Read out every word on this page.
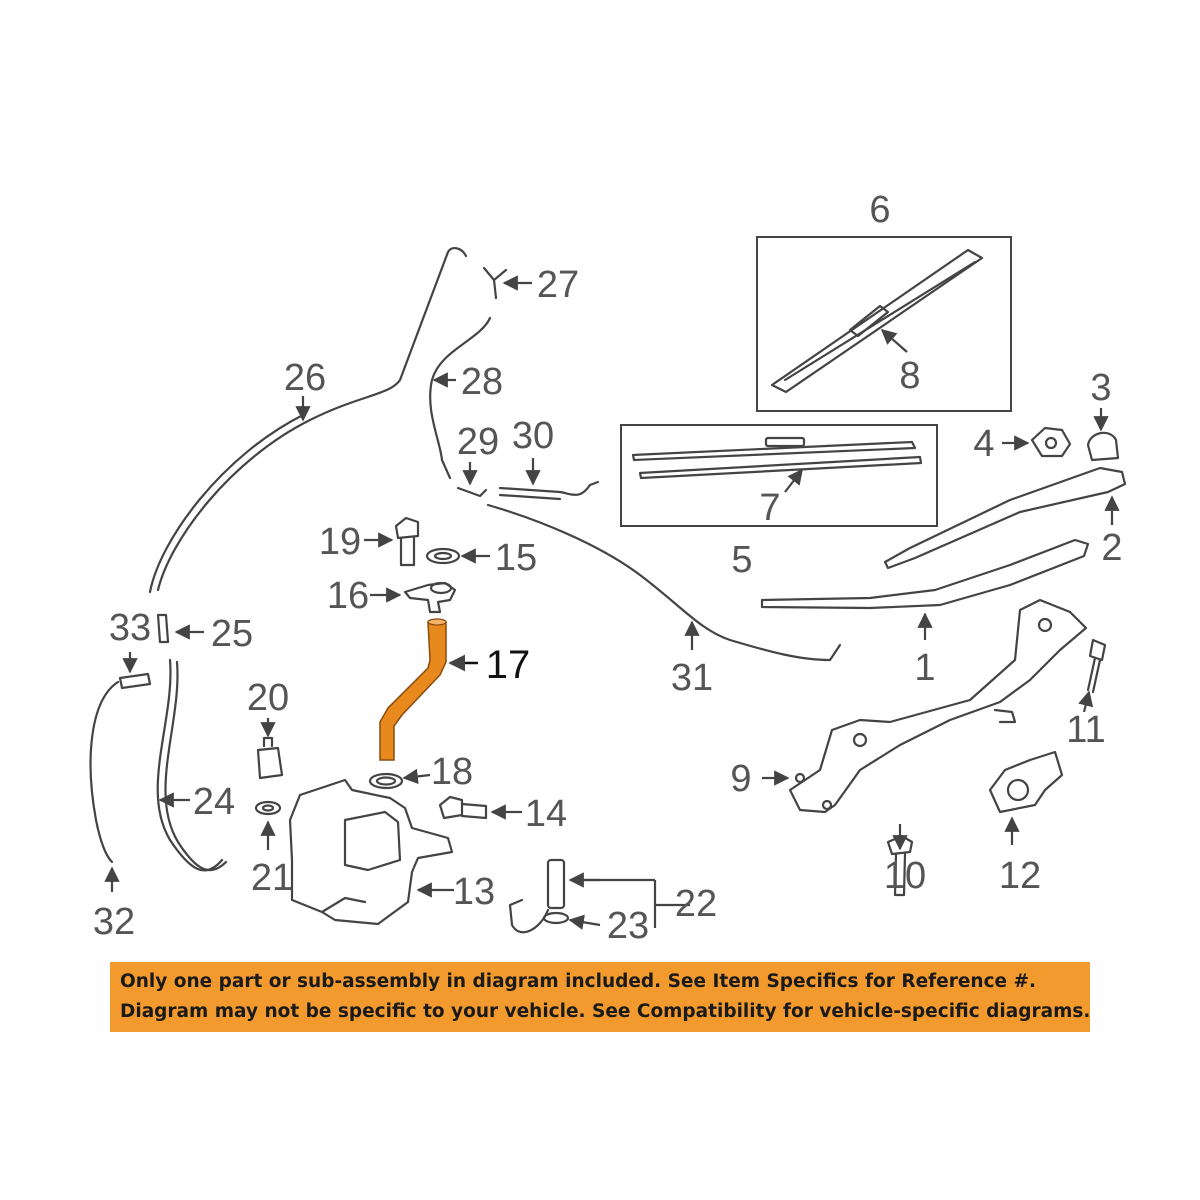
1
2
3
4
5
6
7
8
9
10
11
12
13
14
15
16
17
18
19
20
21
22
23
24
25
26
27
28
29 30
31
32
33

Only one part or sub-assembly in diagram included. See Item Specifics for Reference #.

Diagram may not be specific to your vehicle. See Compatibility for vehicle-specific diagrams.
